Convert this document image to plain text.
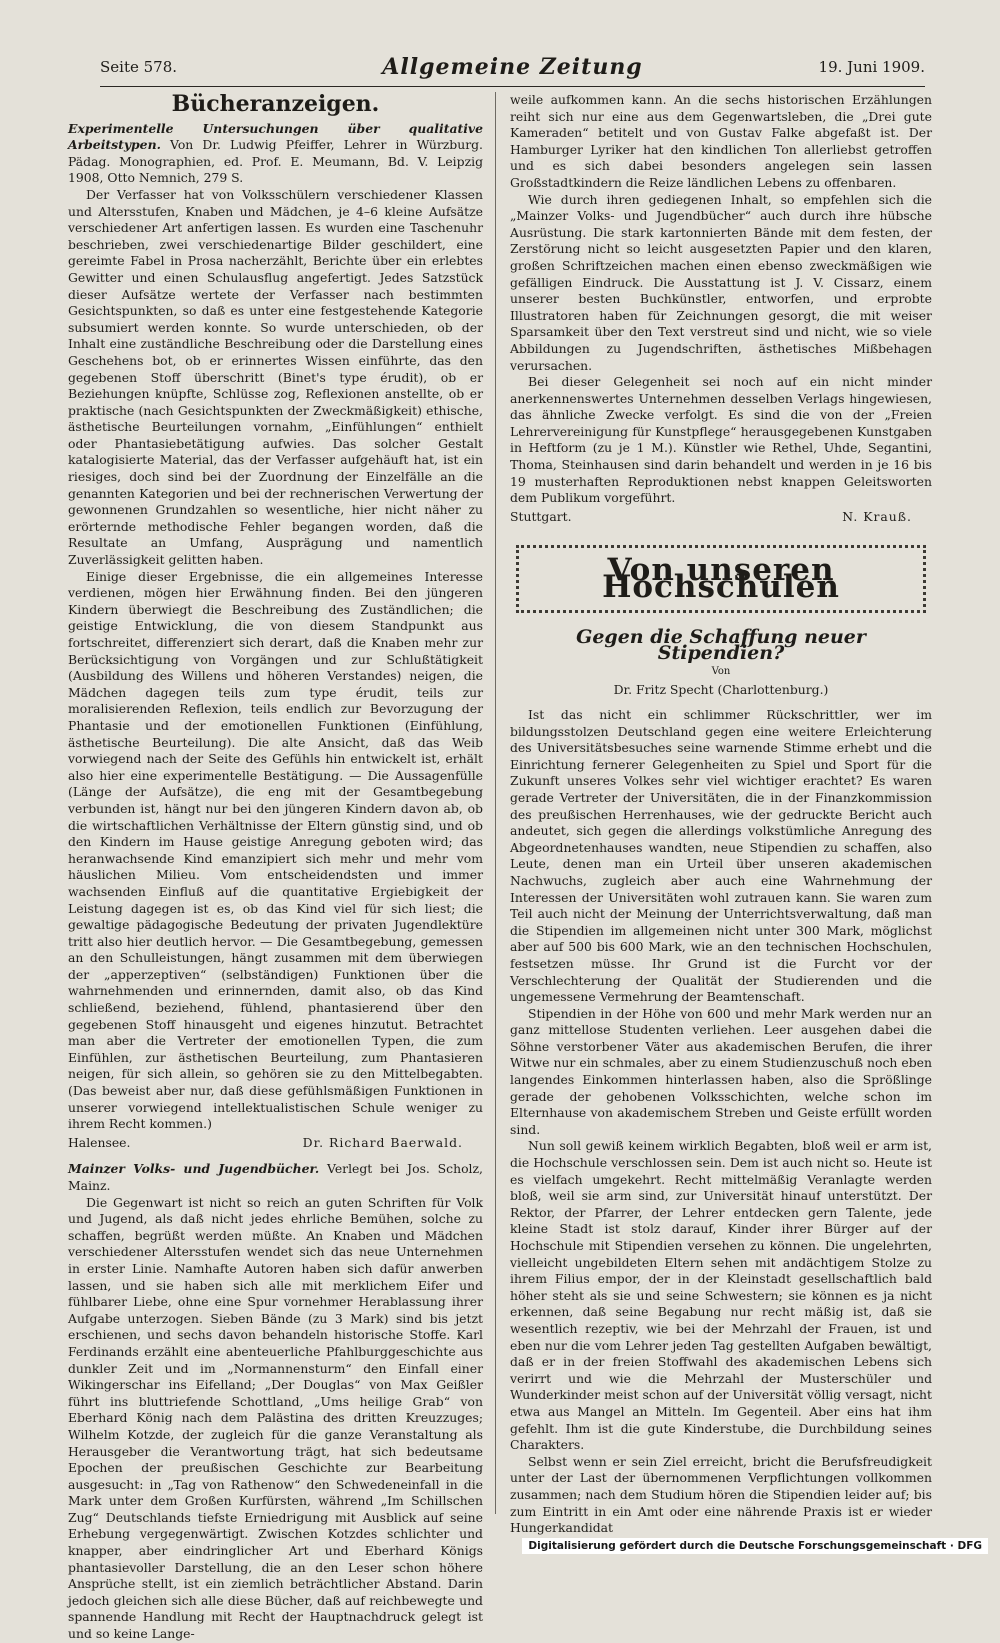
Seite 578.	Allgemeine Zeitung	19. Juni 1909.
Bücheranzeigen.

Experimentelle Untersuchungen über qualitative Arbeitstypen. Von Dr. Ludwig Pfeiffer, Lehrer in Würzburg. Pädag. Monographien, ed. Prof. E. Meumann, Bd. V. Leipzig 1908, Otto Nemnich, 279 S.

Der Verfasser hat von Volksschülern verschiedener Klassen und Altersstufen, Knaben und Mädchen, je 4–6 kleine Aufsätze verschiedener Art anfertigen lassen. Es wurden eine Taschenuhr beschrieben, zwei verschiedenartige Bilder geschildert, eine gereimte Fabel in Prosa nacherzählt, Berichte über ein erlebtes Gewitter und einen Schulausflug angefertigt. Jedes Satzstück dieser Aufsätze wertete der Verfasser nach bestimmten Gesichtspunkten, so daß es unter eine festgestehende Kategorie subsumiert werden konnte. So wurde unterschieden, ob der Inhalt eine zuständliche Beschreibung oder die Darstellung eines Geschehens bot, ob er erinnertes Wissen einführte, das den gegebenen Stoff überschritt (Binet's type érudit), ob er Beziehungen knüpfte, Schlüsse zog, Reflexionen anstellte, ob er praktische (nach Gesichtspunkten der Zweckmäßigkeit) ethische, ästhetische Beurteilungen vornahm, „Einfühlungen“ enthielt oder Phantasiebetätigung aufwies. Das solcher Gestalt katalogisierte Material, das der Verfasser aufgehäuft hat, ist ein riesiges, doch sind bei der Zuordnung der Einzelfälle an die genannten Kategorien und bei der rechnerischen Verwertung der gewonnenen Grundzahlen so wesentliche, hier nicht näher zu erörternde methodische Fehler begangen worden, daß die Resultate an Umfang, Ausprägung und namentlich Zuverlässigkeit gelitten haben.

Einige dieser Ergebnisse, die ein allgemeines Interesse verdienen, mögen hier Erwähnung finden. Bei den jüngeren Kindern überwiegt die Beschreibung des Zuständlichen; die geistige Entwicklung, die von diesem Standpunkt aus fortschreitet, differenziert sich derart, daß die Knaben mehr zur Berücksichtigung von Vorgängen und zur Schlußtätigkeit (Ausbildung des Willens und höheren Verstandes) neigen, die Mädchen dagegen teils zum type érudit, teils zur moralisierenden Reflexion, teils endlich zur Bevorzugung der Phantasie und der emotionellen Funktionen (Einfühlung, ästhetische Beurteilung). Die alte Ansicht, daß das Weib vorwiegend nach der Seite des Gefühls hin entwickelt ist, erhält also hier eine experimentelle Bestätigung. — Die Aussagenfülle (Länge der Aufsätze), die eng mit der Gesamtbegebung verbunden ist, hängt nur bei den jüngeren Kindern davon ab, ob die wirtschaftlichen Verhältnisse der Eltern günstig sind, und ob den Kindern im Hause geistige Anregung geboten wird; das heranwachsende Kind emanzipiert sich mehr und mehr vom häuslichen Milieu. Vom entscheidendsten und immer wachsenden Einfluß auf die quantitative Ergiebigkeit der Leistung dagegen ist es, ob das Kind viel für sich liest; die gewaltige pädagogische Bedeutung der privaten Jugendlektüre tritt also hier deutlich hervor. — Die Gesamtbegebung, gemessen an den Schulleistungen, hängt zusammen mit dem überwiegen der „apperzeptiven“ (selbständigen) Funktionen über die wahrnehmenden und erinnernden, damit also, ob das Kind schließend, beziehend, fühlend, phantasierend über den gegebenen Stoff hinausgeht und eigenes hinzutut. Betrachtet man aber die Vertreter der emotionellen Typen, die zum Einfühlen, zur ästhetischen Beurteilung, zum Phantasieren neigen, für sich allein, so gehören sie zu den Mittelbegabten. (Das beweist aber nur, daß diese gefühlsmäßigen Funktionen in unserer vorwiegend intellektualistischen Schule weniger zu ihrem Recht kommen.)

Halensee.	Dr. Richard Baerwald.

Mainzer Volks- und Jugendbücher. Verlegt bei Jos. Scholz, Mainz.

Die Gegenwart ist nicht so reich an guten Schriften für Volk und Jugend, als daß nicht jedes ehrliche Bemühen, solche zu schaffen, begrüßt werden müßte. An Knaben und Mädchen verschiedener Altersstufen wendet sich das neue Unternehmen in erster Linie. Namhafte Autoren haben sich dafür anwerben lassen, und sie haben sich alle mit merklichem Eifer und fühlbarer Liebe, ohne eine Spur vornehmer Herablassung ihrer Aufgabe unterzogen. Sieben Bände (zu 3 Mark) sind bis jetzt erschienen, und sechs davon behandeln historische Stoffe. Karl Ferdinands erzählt eine abenteuerliche Pfahlburggeschichte aus dunkler Zeit und im „Normannensturm“ den Einfall einer Wikingerschar ins Eifelland; „Der Douglas“ von Max Geißler führt ins bluttriefende Schottland, „Ums heilige Grab“ von Eberhard König nach dem Palästina des dritten Kreuzzuges; Wilhelm Kotzde, der zugleich für die ganze Veranstaltung als Herausgeber die Verantwortung trägt, hat sich bedeutsame Epochen der preußischen Geschichte zur Bearbeitung ausgesucht: in „Tag von Rathenow“ den Schwedeneinfall in die Mark unter dem Großen Kurfürsten, während „Im Schillschen Zug“ Deutschlands tiefste Erniedrigung mit Ausblick auf seine Erhebung vergegenwärtigt. Zwischen Kotzdes schlichter und knapper, aber eindringlicher Art und Eberhard Königs phantasievoller Darstellung, die an den Leser schon höhere Ansprüche stellt, ist ein ziemlich beträchtlicher Abstand. Darin jedoch gleichen sich alle diese Bücher, daß auf reichbewegte und spannende Handlung mit Recht der Hauptnachdruck gelegt ist und so keine Lange-

weile aufkommen kann. An die sechs historischen Erzählungen reiht sich nur eine aus dem Gegenwartsleben, die „Drei gute Kameraden“ betitelt und von Gustav Falke abgefaßt ist. Der Hamburger Lyriker hat den kindlichen Ton allerliebst getroffen und es sich dabei besonders angelegen sein lassen Großstadtkindern die Reize ländlichen Lebens zu offenbaren.

Wie durch ihren gediegenen Inhalt, so empfehlen sich die „Mainzer Volks- und Jugendbücher“ auch durch ihre hübsche Ausrüstung. Die stark kartonnierten Bände mit dem festen, der Zerstörung nicht so leicht ausgesetzten Papier und den klaren, großen Schriftzeichen machen einen ebenso zweckmäßigen wie gefälligen Eindruck. Die Ausstattung ist J. V. Cissarz, einem unserer besten Buchkünstler, entworfen, und erprobte Illustratoren haben für Zeichnungen gesorgt, die mit weiser Sparsamkeit über den Text verstreut sind und nicht, wie so viele Abbildungen zu Jugendschriften, ästhetisches Mißbehagen verursachen.

Bei dieser Gelegenheit sei noch auf ein nicht minder anerkennenswertes Unternehmen desselben Verlags hingewiesen, das ähnliche Zwecke verfolgt. Es sind die von der „Freien Lehrervereinigung für Kunstpflege“ herausgegebenen Kunstgaben in Heftform (zu je 1 M.). Künstler wie Rethel, Uhde, Segantini, Thoma, Steinhausen sind darin behandelt und werden in je 16 bis 19 musterhaften Reproduktionen nebst knappen Geleitsworten dem Publikum vorgeführt.

Stuttgart.	N. Krauß.
Von unseren Hochschulen
Gegen die Schaffung neuer Stipendien?
Von
Dr. Fritz Specht (Charlottenburg.)

Ist das nicht ein schlimmer Rückschrittler, wer im bildungsstolzen Deutschland gegen eine weitere Erleichterung des Universitätsbesuches seine warnende Stimme erhebt und die Einrichtung fernerer Gelegenheiten zu Spiel und Sport für die Zukunft unseres Volkes sehr viel wichtiger erachtet? Es waren gerade Vertreter der Universitäten, die in der Finanzkommission des preußischen Herrenhauses, wie der gedruckte Bericht auch andeutet, sich gegen die allerdings volkstümliche Anregung des Abgeordnetenhauses wandten, neue Stipendien zu schaffen, also Leute, denen man ein Urteil über unseren akademischen Nachwuchs, zugleich aber auch eine Wahrnehmung der Interessen der Universitäten wohl zutrauen kann. Sie waren zum Teil auch nicht der Meinung der Unterrichtsverwaltung, daß man die Stipendien im allgemeinen nicht unter 300 Mark, möglichst aber auf 500 bis 600 Mark, wie an den technischen Hochschulen, festsetzen müsse. Ihr Grund ist die Furcht vor der Verschlechterung der Qualität der Studierenden und die ungemessene Vermehrung der Beamtenschaft.

Stipendien in der Höhe von 600 und mehr Mark werden nur an ganz mittellose Studenten verliehen. Leer ausgehen dabei die Söhne verstorbener Väter aus akademischen Berufen, die ihrer Witwe nur ein schmales, aber zu einem Studienzuschuß noch eben langendes Einkommen hinterlassen haben, also die Sprößlinge gerade der gehobenen Volksschichten, welche schon im Elternhause von akademischem Streben und Geiste erfüllt worden sind.

Nun soll gewiß keinem wirklich Begabten, bloß weil er arm ist, die Hochschule verschlossen sein. Dem ist auch nicht so. Heute ist es vielfach umgekehrt. Recht mittelmäßig Veranlagte werden bloß, weil sie arm sind, zur Universität hinauf unterstützt. Der Rektor, der Pfarrer, der Lehrer entdecken gern Talente, jede kleine Stadt ist stolz darauf, Kinder ihrer Bürger auf der Hochschule mit Stipendien versehen zu können. Die ungelehrten, vielleicht ungebildeten Eltern sehen mit andächtigem Stolze zu ihrem Filius empor, der in der Kleinstadt gesellschaftlich bald höher steht als sie und seine Schwestern; sie können es ja nicht erkennen, daß seine Begabung nur recht mäßig ist, daß sie wesentlich rezeptiv, wie bei der Mehrzahl der Frauen, ist und eben nur die vom Lehrer jeden Tag gestellten Aufgaben bewältigt, daß er in der freien Stoffwahl des akademischen Lebens sich verirrt und wie die Mehrzahl der Musterschüler und Wunderkinder meist schon auf der Universität völlig versagt, nicht etwa aus Mangel an Mitteln. Im Gegenteil. Aber eins hat ihm gefehlt. Ihm ist die gute Kinderstube, die Durchbildung seines Charakters.

Selbst wenn er sein Ziel erreicht, bricht die Berufsfreudigkeit unter der Last der übernommenen Verpflichtungen vollkommen zusammen; nach dem Studium hören die Stipendien leider auf; bis zum Eintritt in ein Amt oder eine nährende Praxis ist er wieder Hungerkandidat

Digitalisierung gefördert durch die Deutsche Forschungsgemeinschaft · DFG
